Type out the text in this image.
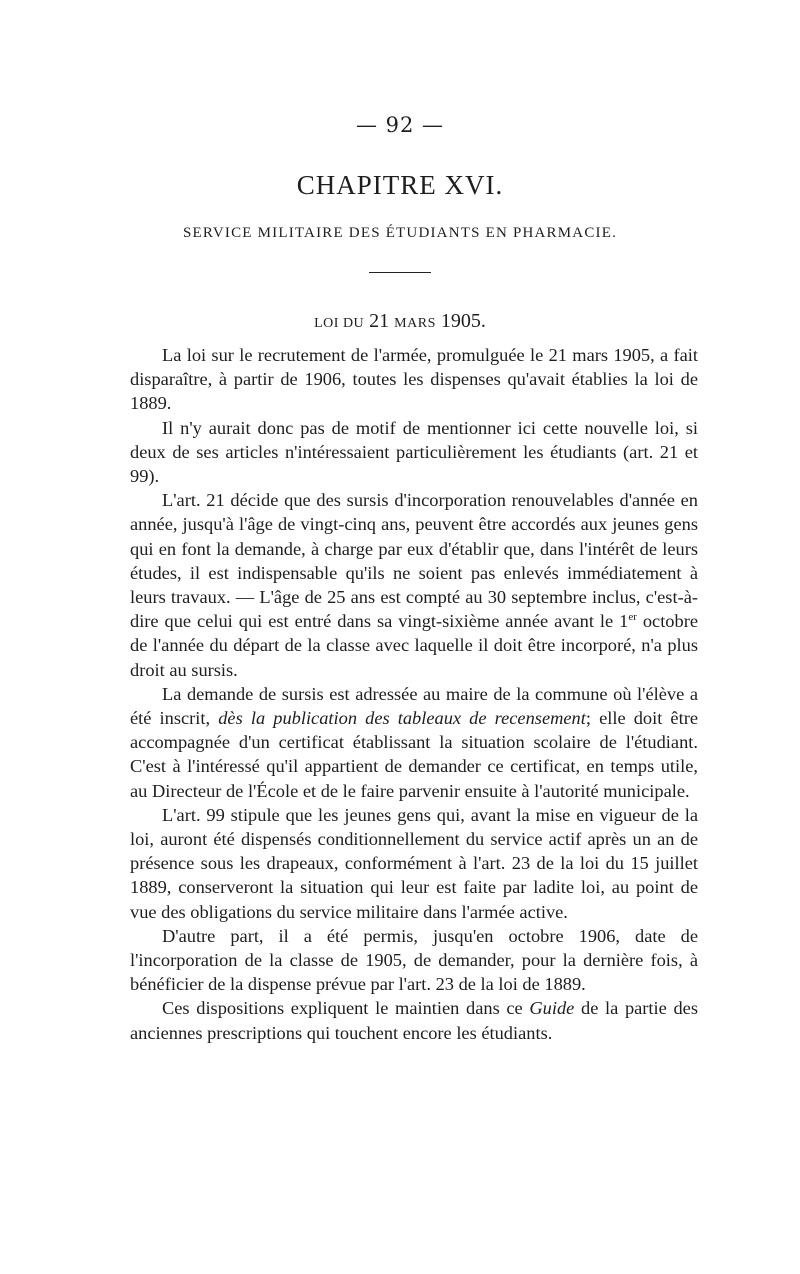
— 92 —
CHAPITRE XVI.
SERVICE MILITAIRE DES ÉTUDIANTS EN PHARMACIE.
LOI DU 21 MARS 1905.

La loi sur le recrutement de l'armée, promulguée le 21 mars 1905, a fait disparaître, à partir de 1906, toutes les dispenses qu'avait établies la loi de 1889.

Il n'y aurait donc pas de motif de mentionner ici cette nouvelle loi, si deux de ses articles n'intéressaient particulièrement les étudiants (art. 21 et 99).

L'art. 21 décide que des sursis d'incorporation renouvelables d'année en année, jusqu'à l'âge de vingt-cinq ans, peuvent être accordés aux jeunes gens qui en font la demande, à charge par eux d'établir que, dans l'intérêt de leurs études, il est indispensable qu'ils ne soient pas enlevés immédiatement à leurs travaux. — L'âge de 25 ans est compté au 30 septembre inclus, c'est-à-dire que celui qui est entré dans sa vingt-sixième année avant le 1er octobre de l'année du départ de la classe avec laquelle il doit être incorporé, n'a plus droit au sursis.

La demande de sursis est adressée au maire de la commune où l'élève a été inscrit, dès la publication des tableaux de recensement; elle doit être accompagnée d'un certificat établissant la situation scolaire de l'étudiant. C'est à l'intéressé qu'il appartient de demander ce certificat, en temps utile, au Directeur de l'École et de le faire parvenir ensuite à l'autorité municipale.

L'art. 99 stipule que les jeunes gens qui, avant la mise en vigueur de la loi, auront été dispensés conditionnellement du service actif après un an de présence sous les drapeaux, conformément à l'art. 23 de la loi du 15 juillet 1889, conserveront la situation qui leur est faite par ladite loi, au point de vue des obligations du service militaire dans l'armée active.

D'autre part, il a été permis, jusqu'en octobre 1906, date de l'incorporation de la classe de 1905, de demander, pour la dernière fois, à bénéficier de la dispense prévue par l'art. 23 de la loi de 1889.

Ces dispositions expliquent le maintien dans ce Guide de la partie des anciennes prescriptions qui touchent encore les étudiants.
